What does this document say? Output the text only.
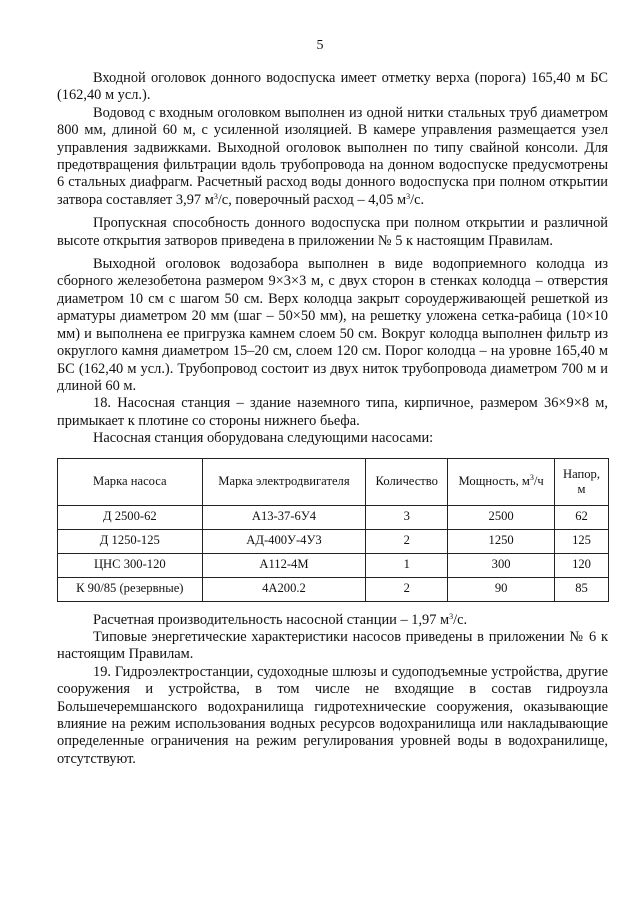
5

Входной оголовок донного водоспуска имеет отметку верха (порога) 165,40 м БС (162,40 м усл.).

Водовод с входным оголовком выполнен из одной нитки стальных труб диаметром 800 мм, длиной 60 м, с усиленной изоляцией. В камере управления размещается узел управления задвижками. Выходной оголовок выполнен по типу свайной консоли. Для предотвращения фильтрации вдоль трубопровода на донном водоспуске предусмотрены 6 стальных диафрагм. Расчетный расход воды донного водоспуска при полном открытии затвора составляет 3,97 $м^3/с$, поверочный расход – 4,05 $м^3/с$.

Пропускная способность донного водоспуска при полном открытии и различной высоте открытия затворов приведена в приложении № 5 к настоящим Правилам.

Выходной оголовок водозабора выполнен в виде водоприемного колодца из сборного железобетона размером 9×3×3 м, с двух сторон в стенках колодца – отверстия диаметром 10 см с шагом 50 см. Верх колодца закрыт сороудерживающей решеткой из арматуры диаметром 20 мм (шаг – 50×50 мм), на решетку уложена сетка-рабица (10×10 мм) и выполнена ее пригрузка камнем слоем 50 см. Вокруг колодца выполнен фильтр из округлого камня диаметром 15–20 см, слоем 120 см. Порог колодца – на уровне 165,40 м БС (162,40 м усл.). Трубопровод состоит из двух ниток трубопровода диаметром 700 м и длиной 60 м.

18. Насосная станция – здание наземного типа, кирпичное, размером 36×9×8 м, примыкает к плотине со стороны нижнего бьефа.

Насосная станция оборудована следующими насосами:

Марка насоса	Марка электродвигателя	Количество	Мощность, $м^3/ч$	Напор, м
Д 2500-62	А13-37-6У4	3	2500	62
Д 1250-125	АД-400У-4У3	2	1250	125
ЦНС 300-120	А112-4М	1	300	120
К 90/85 (резервные)	4А200.2	2	90	85

Расчетная производительность насосной станции – 1,97 $м^3/с$.

Типовые энергетические характеристики насосов приведены в приложении № 6 к настоящим Правилам.

19. Гидроэлектростанции, судоходные шлюзы и судоподъемные устройства, другие сооружения и устройства, в том числе не входящие в состав гидроузла Большечеремшанского водохранилища гидротехнические сооружения, оказывающие влияние на режим использования водных ресурсов водохранилища или накладывающие определенные ограничения на режим регулирования уровней воды в водохранилище, отсутствуют.
